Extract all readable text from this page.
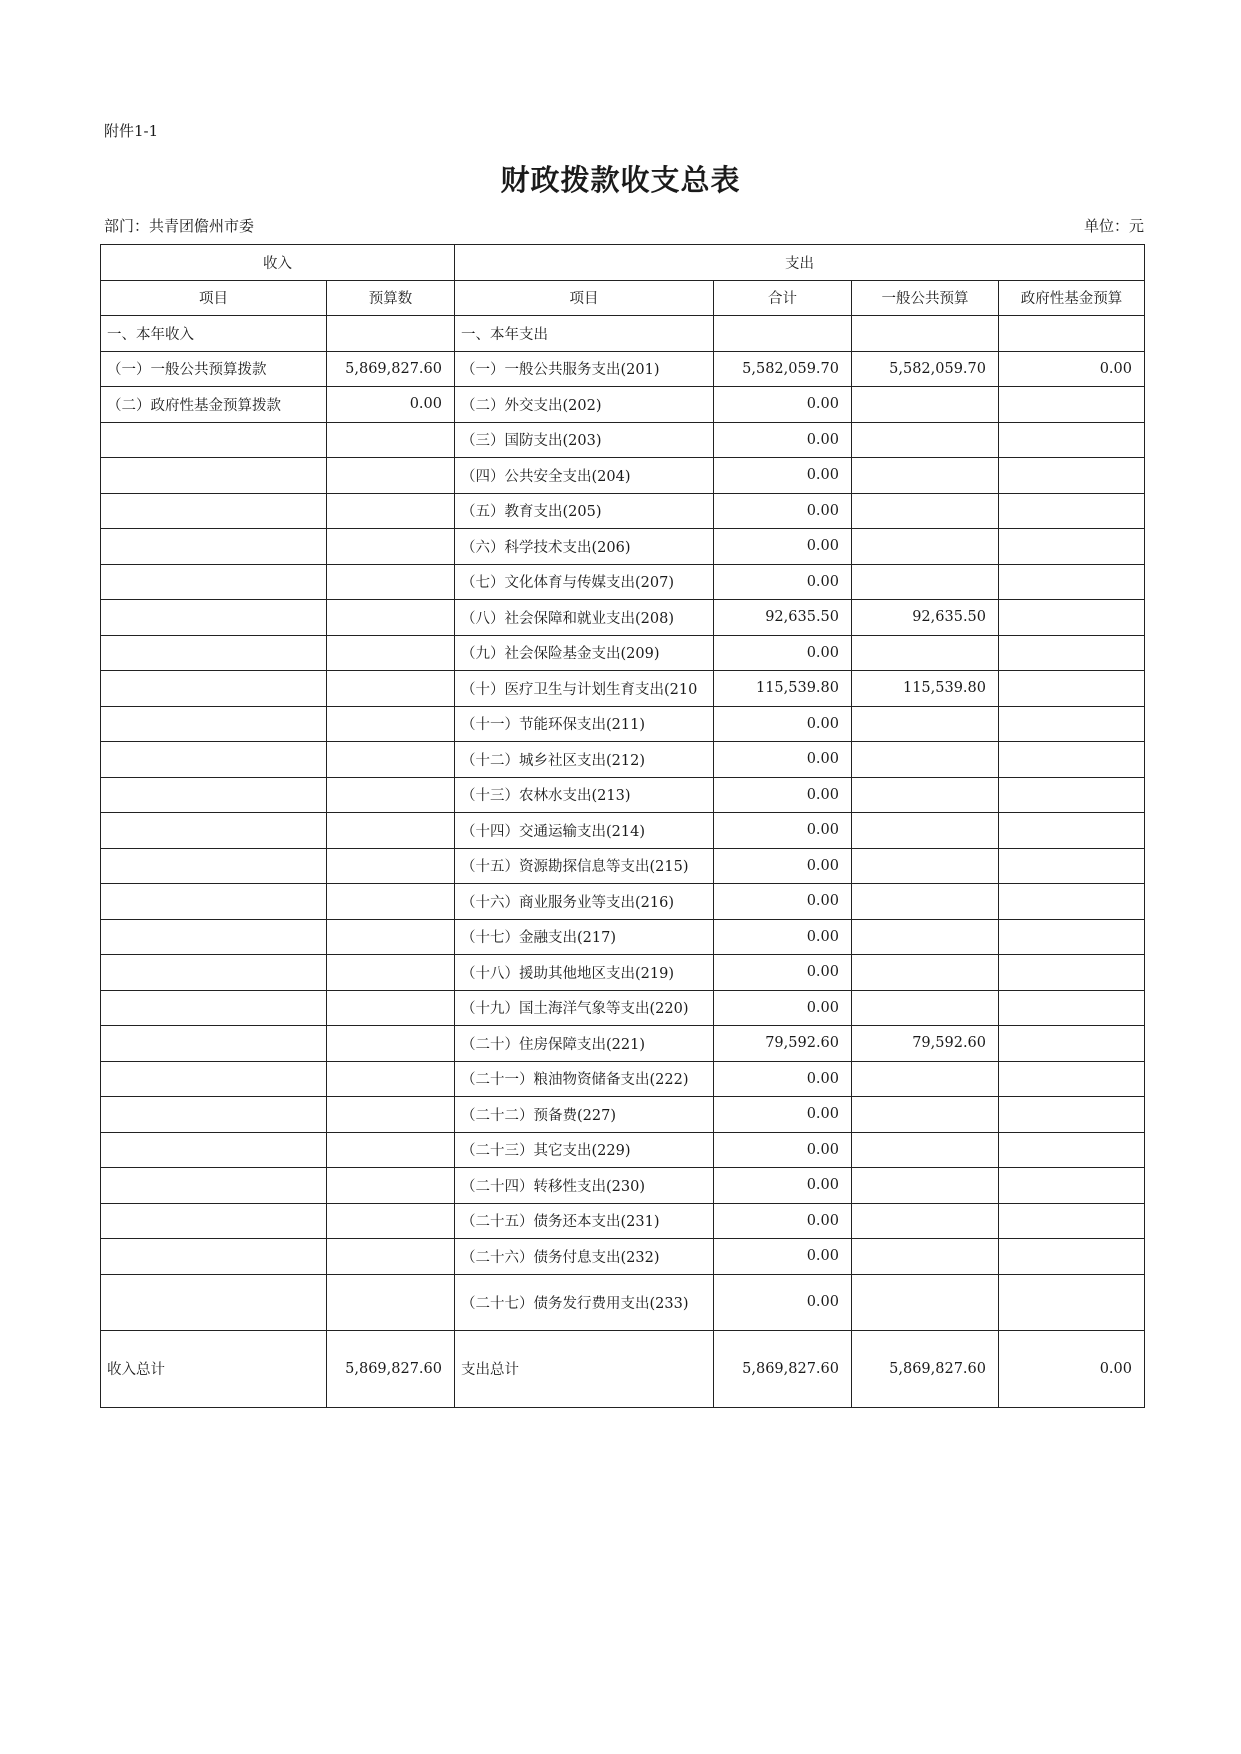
附件1-1
财政拨款收支总表
部门：共青团儋州市委	单位：元
收入		支出			
项目	预算数	项目	合计	一般公共预算	政府性基金预算
一、本年收入		一、本年支出			
（一）一般公共预算拨款	5,869,827.60	（一）一般公共服务支出(201)	5,582,059.70	5,582,059.70	0.00
（二）政府性基金预算拨款	0.00	（二）外交支出(202)	0.00		
		（三）国防支出(203)	0.00		
		（四）公共安全支出(204)	0.00		
		（五）教育支出(205)	0.00		
		（六）科学技术支出(206)	0.00		
		（七）文化体育与传媒支出(207)	0.00		
		（八）社会保障和就业支出(208)	92,635.50	92,635.50	
		（九）社会保险基金支出(209)	0.00		
		（十）医疗卫生与计划生育支出(210	115,539.80	115,539.80	
		（十一）节能环保支出(211)	0.00		
		（十二）城乡社区支出(212)	0.00		
		（十三）农林水支出(213)	0.00		
		（十四）交通运输支出(214)	0.00		
		（十五）资源勘探信息等支出(215)	0.00		
		（十六）商业服务业等支出(216)	0.00		
		（十七）金融支出(217)	0.00		
		（十八）援助其他地区支出(219)	0.00		
		（十九）国土海洋气象等支出(220)	0.00		
		（二十）住房保障支出(221)	79,592.60	79,592.60	
		（二十一）粮油物资储备支出(222)	0.00		
		（二十二）预备费(227)	0.00		
		（二十三）其它支出(229)	0.00		
		（二十四）转移性支出(230)	0.00		
		（二十五）债务还本支出(231)	0.00		
		（二十六）债务付息支出(232)	0.00		
		（二十七）债务发行费用支出(233)	0.00		
收入总计	5,869,827.60	支出总计	5,869,827.60	5,869,827.60	0.00
